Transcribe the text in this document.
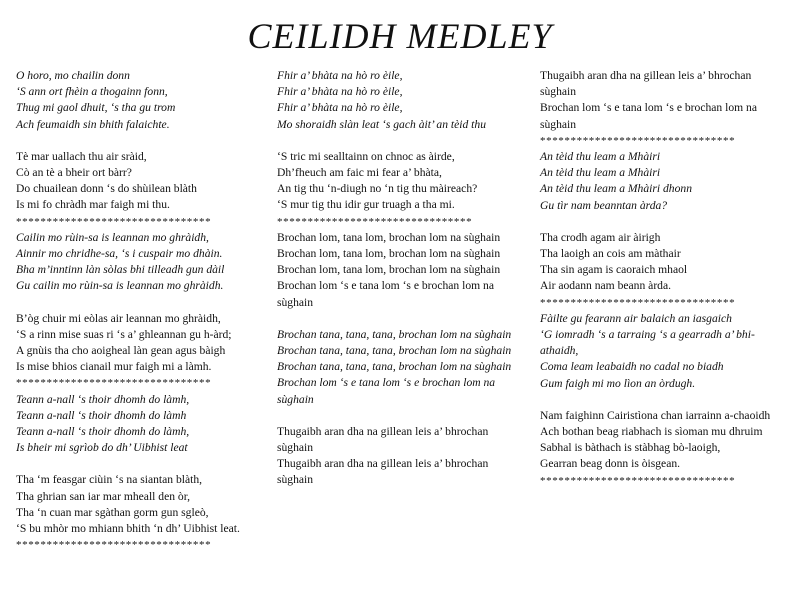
CEILIDH MEDLEY
O horo, mo chailin donn
‘S ann ort fhèin a thogainn fonn,
Thug mi gaol dhuit, ‘s tha gu trom
Ach feumaidh sin bhith falaichte.
Tè mar uallach thu air sràid,
Cò an tè a bheir ort bàrr?
Do chuailean donn ‘s do shùilean blàth
Is mi fo chràdh mar faigh mi thu.
********************************
Cailin mo rùin-sa is leannan mo ghràidh,
Ainnir mo chridhe-sa, ‘s i cuspair mo dhàin.
Bha m’inntinn làn sòlas bhi tilleadh gun dàil
Gu cailin mo rùin-sa is leannan mo ghràidh.
B’òg chuir mi eòlas air leannan mo ghràidh,
‘S a rinn mise suas ri ‘s a’ ghleannan gu h-àrd;
A gnùis tha cho aoigheal làn gean agus bàigh
Is mise bhios cianail mur faigh mi a làmh.
********************************
Teann a-nall ‘s thoir dhomh do làmh,
Teann a-nall ‘s thoir dhomh do làmh
Teann a-nall ‘s thoir dhomh do làmh,
Is bheir mi sgrìob do dh’ Uibhist leat
Tha ‘m feasgar ciùin ‘s na siantan blàth,
Tha ghrian san iar mar mheall den òr,
Tha ‘n cuan mar sgàthan gorm gun sgleò,
‘S bu mhòr mo mhiann bhith ‘n dh’ Uibhist leat.
********************************
Fhir a’ bhàta na hò ro èile,
Fhir a’ bhàta na hò ro èile,
Fhir a’ bhàta na hò ro èile,
Mo shoraidh slàn leat ‘s gach àit’ an tèid thu
‘S tric mi sealltainn on chnoc as àirde,
Dh’fheuch am faic mi fear a’ bhàta,
An tig thu ‘n-diugh no ‘n tig thu màireach?
‘S mur tig thu idir gur truagh a tha mi.
********************************
Brochan lom, tana lom, brochan lom na sùghain
Brochan lom, tana lom, brochan lom na sùghain
Brochan lom, tana lom, brochan lom na sùghain
Brochan lom ‘s e tana lom ‘s e brochan lom na sùghain
Brochan tana, tana, tana, brochan lom na sùghain
Brochan tana, tana, tana, brochan lom na sùghain
Brochan tana, tana, tana, brochan lom na sùghain
Brochan lom ‘s e tana lom ‘s e brochan lom na sùghain
Thugaibh aran dha na gillean leis a’ bhrochan sùghain
Thugaibh aran dha na gillean leis a’ bhrochan sùghain
Thugaibh aran dha na gillean leis a’ bhrochan sùghain
Brochan lom ‘s e tana lom ‘s e brochan lom na sùghain
********************************
An tèid thu leam a Mhàiri
An tèid thu leam a Mhàiri
An tèid thu leam a Mhàiri dhonn
Gu tìr nam beanntan àrda?
Tha crodh agam air àirigh
Tha laoigh an cois am màthair
Tha sin agam is caoraich mhaol
Air aodann nam beann àrda.
********************************
Fàilte gu fearann air balaich an iasgaich
‘G iomradh ‘s a tarraing ‘s a gearradh a’ bhi-athaidh,
Coma leam leabaidh no cadal no biadh
Gum faigh mi mo lìon an òrdugh.
Nam faighinn Cairistìona chan iarrainn a-chaoidh
Ach bothan beag riabhach is sìoman mu dhruim
Sabhal is bàthach is stàbhag bò-laoigh,
Gearran beag donn is òisgean.
********************************
